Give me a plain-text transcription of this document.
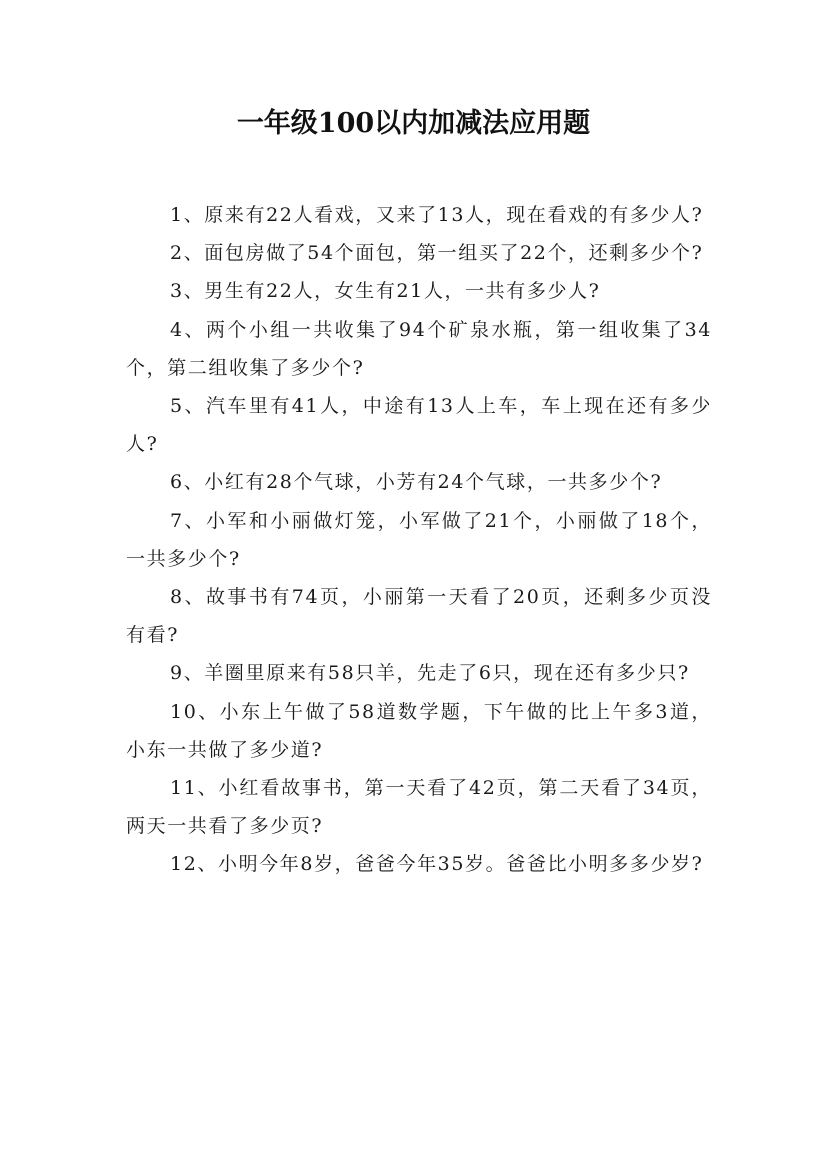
一年级100以内加减法应用题
1、原来有22人看戏，又来了13人，现在看戏的有多少人?
2、面包房做了54个面包，第一组买了22个，还剩多少个?
3、男生有22人，女生有21人，一共有多少人?
4、两个小组一共收集了94个矿泉水瓶，第一组收集了34个，第二组收集了多少个?
5、汽车里有41人，中途有13人上车，车上现在还有多少人?
6、小红有28个气球，小芳有24个气球，一共多少个?
7、小军和小丽做灯笼，小军做了21个，小丽做了18个，一共多少个?
8、故事书有74页，小丽第一天看了20页，还剩多少页没有看?
9、羊圈里原来有58只羊，先走了6只，现在还有多少只?
10、小东上午做了58道数学题，下午做的比上午多3道，小东一共做了多少道?
11、小红看故事书，第一天看了42页，第二天看了34页，两天一共看了多少页?
12、小明今年8岁，爸爸今年35岁。爸爸比小明多多少岁?
